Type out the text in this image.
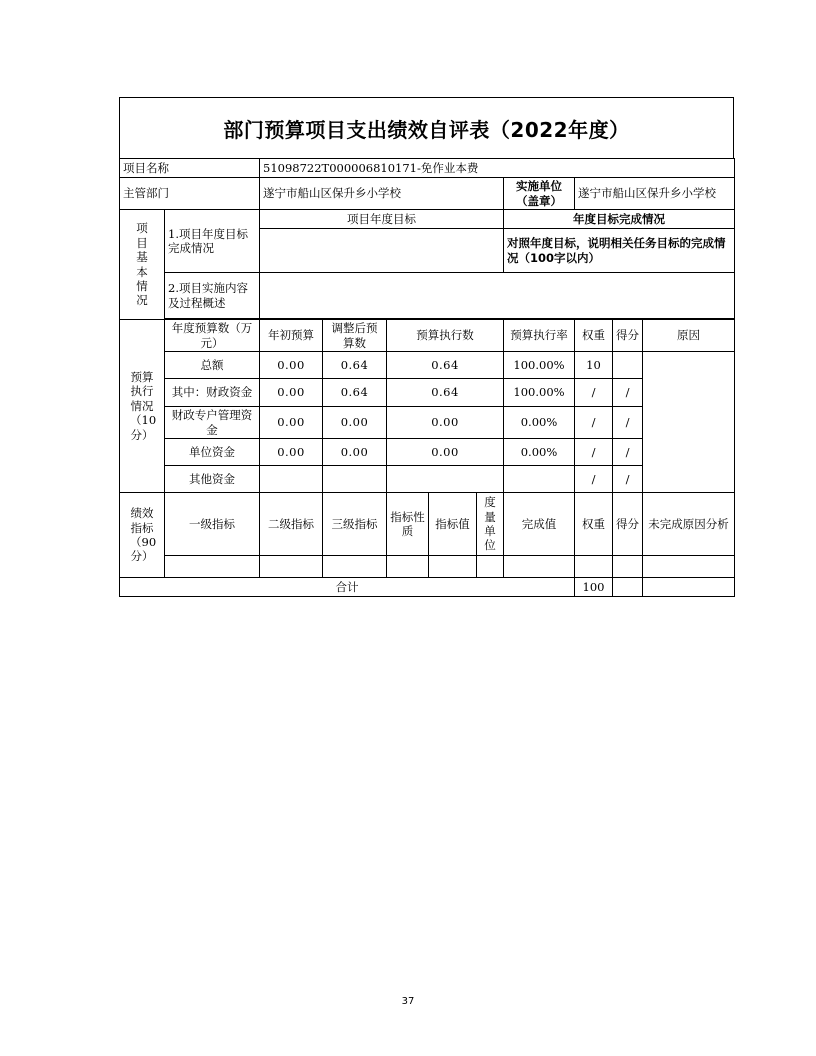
部门预算项目支出绩效自评表（2022年度）
项目名称		51098722T000006810171-免作业本费								
主管部门		遂宁市船山区保升乡小学校					实施单位（盖章）	遂宁市船山区保升乡小学校		
项目基本情况	1.项目年度目标完成情况	项目年度目标					年度目标完成情况			
							对照年度目标，说明相关任务目标的完成情况（100字以内）			
	2.项目实施内容及过程概述									

预算执行情况（10分）	年度预算数（万元）	年初预算	调整后预算数	预算执行数			预算执行率	权重	得分	原因
	总额	0.00	0.64	0.64			100.00%	10		
	其中：财政资金	0.00	0.64	0.64			100.00%	/	/	
	财政专户管理资金	0.00	0.00	0.00			0.00%	/	/	
	单位资金	0.00	0.00	0.00			0.00%	/	/	
	其他资金							/	/	
绩效指标（90分）	一级指标	二级指标	三级指标	指标性质	指标值	度量单位	完成值	权重	得分	未完成原因分析

合计								100		
37
